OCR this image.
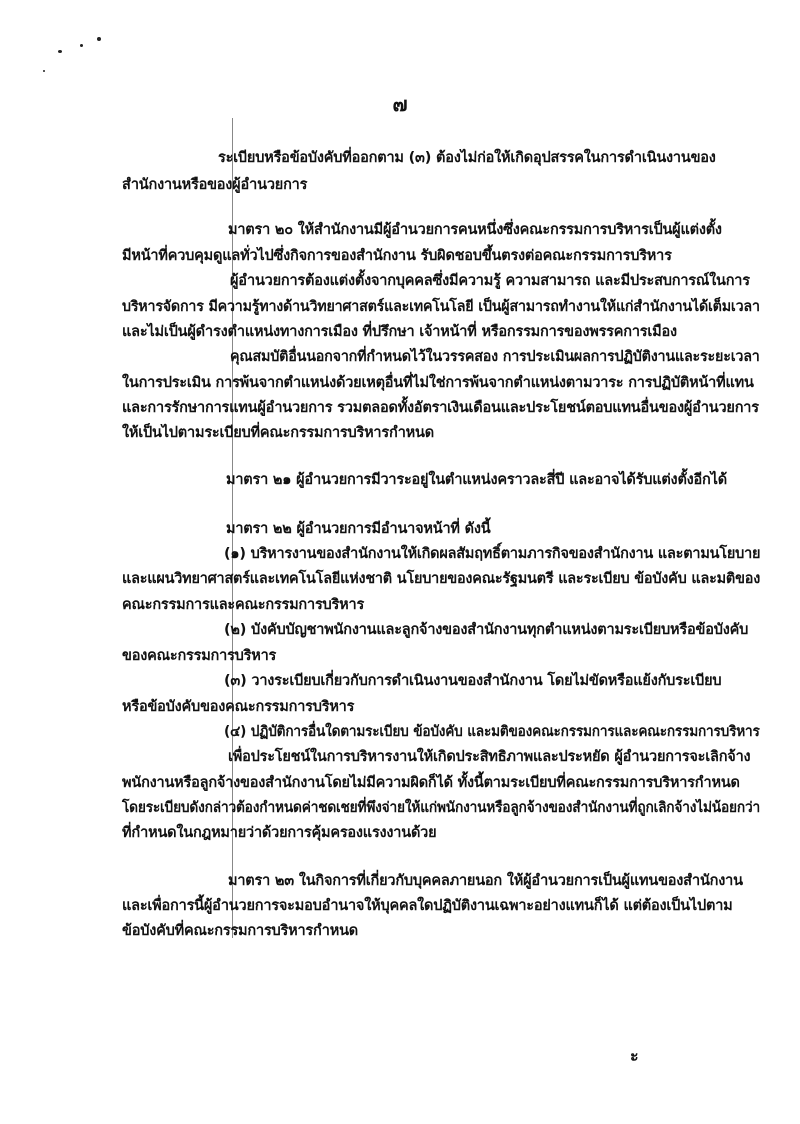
๗
ระเบียบหรือข้อบังคับที่ออกตาม (๓) ต้องไม่ก่อให้เกิดอุปสรรคในการดำเนินงานของ
สำนักงานหรือของผู้อำนวยการ
มาตรา ๒๐ ให้สำนักงานมีผู้อำนวยการคนหนึ่งซึ่งคณะกรรมการบริหารเป็นผู้แต่งตั้ง
มีหน้าที่ควบคุมดูแลทั่วไปซึ่งกิจการของสำนักงาน รับผิดชอบขึ้นตรงต่อคณะกรรมการบริหาร
ผู้อำนวยการต้องแต่งตั้งจากบุคคลซึ่งมีความรู้ ความสามารถ และมีประสบการณ์ในการ
บริหารจัดการ มีความรู้ทางด้านวิทยาศาสตร์และเทคโนโลยี เป็นผู้สามารถทำงานให้แก่สำนักงานได้เต็มเวลา
และไม่เป็นผู้ดำรงตำแหน่งทางการเมือง ที่ปรึกษา เจ้าหน้าที่ หรือกรรมการของพรรคการเมือง
คุณสมบัติอื่นนอกจากที่กำหนดไว้ในวรรคสอง การประเมินผลการปฏิบัติงานและระยะเวลา
ในการประเมิน การพ้นจากตำแหน่งด้วยเหตุอื่นที่ไม่ใช่การพ้นจากตำแหน่งตามวาระ การปฏิบัติหน้าที่แทน
และการรักษาการแทนผู้อำนวยการ รวมตลอดทั้งอัตราเงินเดือนและประโยชน์ตอบแทนอื่นของผู้อำนวยการ
ให้เป็นไปตามระเบียบที่คณะกรรมการบริหารกำหนด
มาตรา ๒๑ ผู้อำนวยการมีวาระอยู่ในตำแหน่งคราวละสี่ปี และอาจได้รับแต่งตั้งอีกได้
มาตรา ๒๒ ผู้อำนวยการมีอำนาจหน้าที่ ดังนี้
(๑) บริหารงานของสำนักงานให้เกิดผลสัมฤทธิ์ตามภารกิจของสำนักงาน และตามนโยบาย
และแผนวิทยาศาสตร์และเทคโนโลยีแห่งชาติ นโยบายของคณะรัฐมนตรี และระเบียบ ข้อบังคับ และมติของ
คณะกรรมการและคณะกรรมการบริหาร
(๒) บังคับบัญชาพนักงานและลูกจ้างของสำนักงานทุกตำแหน่งตามระเบียบหรือข้อบังคับ
ของคณะกรรมการบริหาร
(๓) วางระเบียบเกี่ยวกับการดำเนินงานของสำนักงาน โดยไม่ขัดหรือแย้งกับระเบียบ
หรือข้อบังคับของคณะกรรมการบริหาร
(๔) ปฏิบัติการอื่นใดตามระเบียบ ข้อบังคับ และมติของคณะกรรมการและคณะกรรมการบริหาร
เพื่อประโยชน์ในการบริหารงานให้เกิดประสิทธิภาพและประหยัด ผู้อำนวยการจะเลิกจ้าง
พนักงานหรือลูกจ้างของสำนักงานโดยไม่มีความผิดก็ได้ ทั้งนี้ตามระเบียบที่คณะกรรมการบริหารกำหนด
โดยระเบียบดังกล่าวต้องกำหนดค่าชดเชยที่พึงจ่ายให้แก่พนักงานหรือลูกจ้างของสำนักงานที่ถูกเลิกจ้างไม่น้อยกว่า
ที่กำหนดในกฎหมายว่าด้วยการคุ้มครองแรงงานด้วย
มาตรา ๒๓ ในกิจการที่เกี่ยวกับบุคคลภายนอก ให้ผู้อำนวยการเป็นผู้แทนของสำนักงาน
และเพื่อการนี้ผู้อำนวยการจะมอบอำนาจให้บุคคลใดปฏิบัติงานเฉพาะอย่างแทนก็ได้ แต่ต้องเป็นไปตาม
ข้อบังคับที่คณะกรรมการบริหารกำหนด
ะ
